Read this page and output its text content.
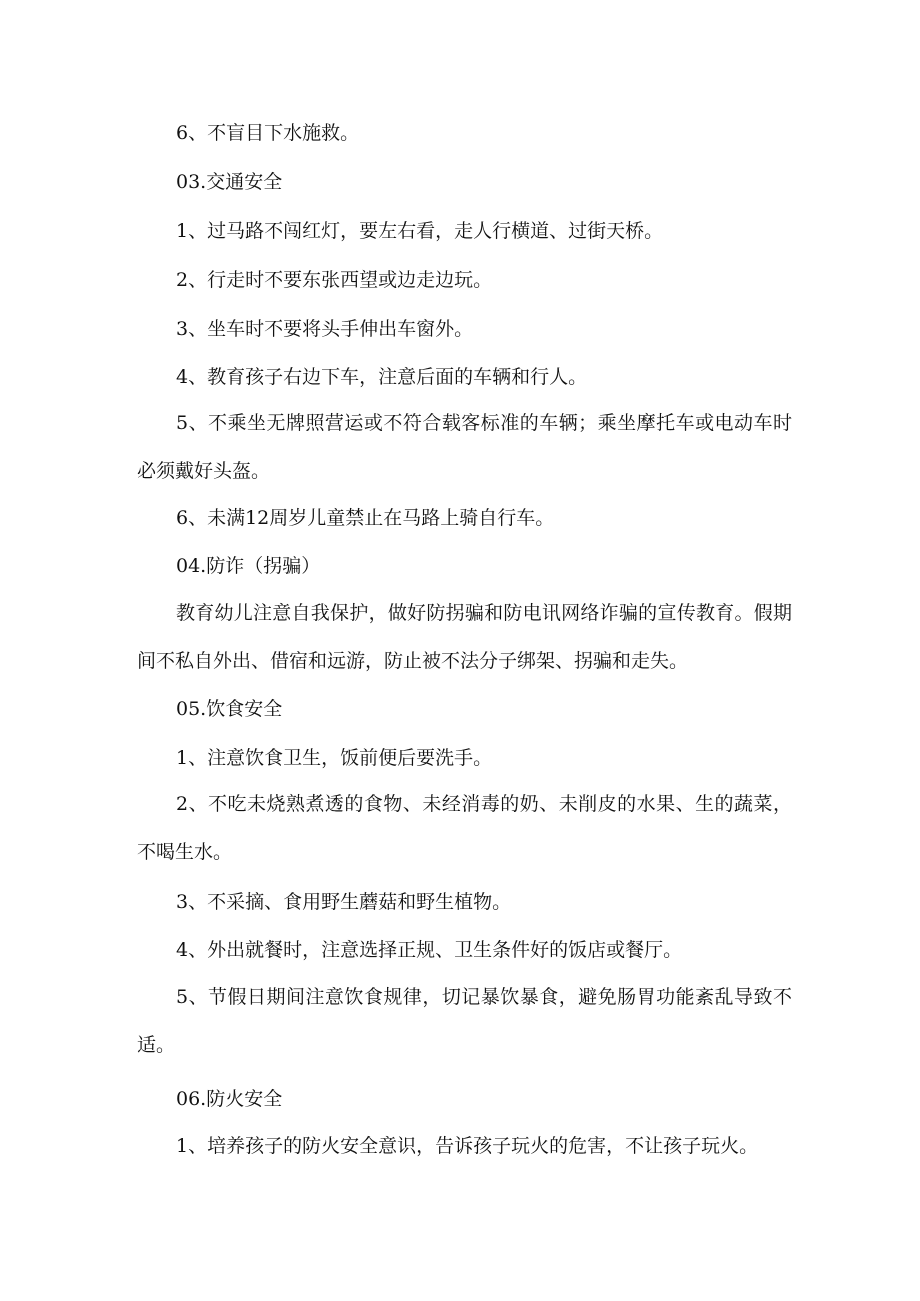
6、不盲目下水施救。

03.交通安全

1、过马路不闯红灯，要左右看，走人行横道、过街天桥。

2、行走时不要东张西望或边走边玩。

3、坐车时不要将头手伸出车窗外。

4、教育孩子右边下车，注意后面的车辆和行人。

5、不乘坐无牌照营运或不符合载客标准的车辆；乘坐摩托车或电动车时必须戴好头盔。

6、未满12周岁儿童禁止在马路上骑自行车。

04.防诈（拐骗）

教育幼儿注意自我保护，做好防拐骗和防电讯网络诈骗的宣传教育。假期间不私自外出、借宿和远游，防止被不法分子绑架、拐骗和走失。

05.饮食安全

1、注意饮食卫生，饭前便后要洗手。

2、不吃未烧熟煮透的食物、未经消毒的奶、未削皮的水果、生的蔬菜，不喝生水。

3、不采摘、食用野生蘑菇和野生植物。

4、外出就餐时，注意选择正规、卫生条件好的饭店或餐厅。

5、节假日期间注意饮食规律，切记暴饮暴食，避免肠胃功能紊乱导致不适。

06.防火安全

1、培养孩子的防火安全意识，告诉孩子玩火的危害，不让孩子玩火。
